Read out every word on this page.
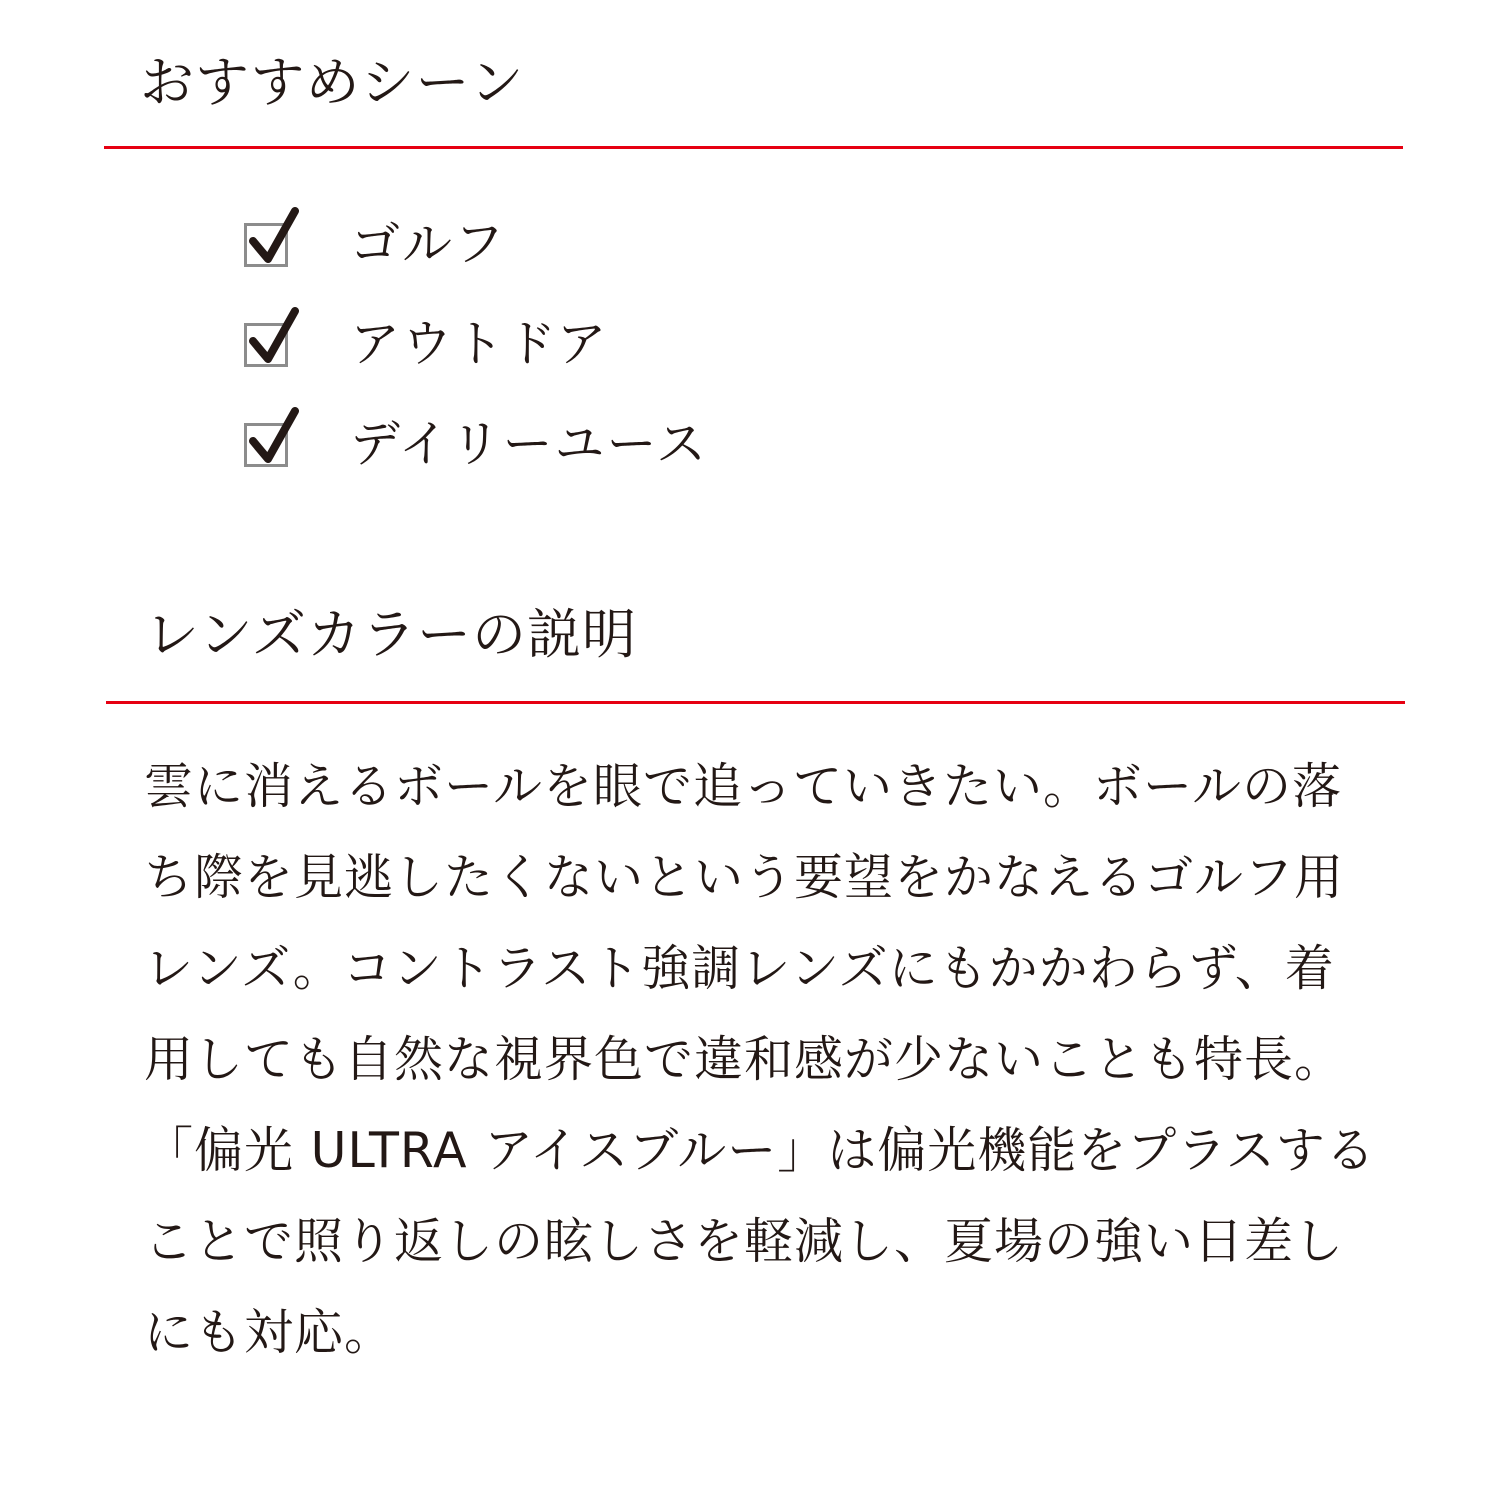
おすすめシーン
ゴルフ
アウトドア
デイリーユース
レンズカラーの説明
雲に消えるボールを眼で追っていきたい。ボールの落
ち際を見逃したくないという要望をかなえるゴルフ用
レンズ。コントラスト強調レンズにもかかわらず、着
用しても自然な視界色で違和感が少ないことも特長。
「偏光 ULTRA アイスブルー」は偏光機能をプラスする
ことで照り返しの眩しさを軽減し、夏場の強い日差し
にも対応。
